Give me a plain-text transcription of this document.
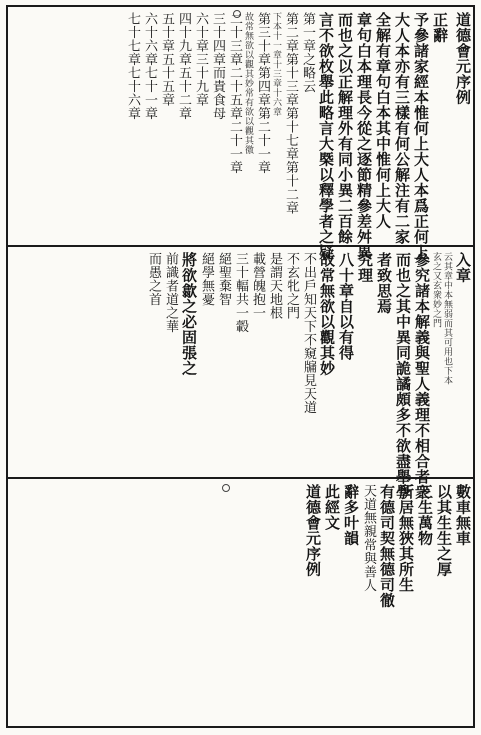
道德會元序例
正辭
予參諸家經本惟何上大人本爲正何上
大人本亦有三樣有何公解注有二家
全解有章句白本其中惟何上大人
章句白本理長今從之逐節精參差舛異
而也之以正解理外有同小異二百餘
言不欲枚舉此略言大槩以釋學者之疑
第一章之略云
第二章第十三章第十七章第十二章
下本十一章十三章十六章
第三十章第四章第二十一章
故常無欲以觀其妙常有欲以觀其徼
二十三章二十五章二十一章
三十四章而貴食母
六十章三十九章
四十九章五十二章
五十章五十五章
六十六章七十一章
七十七章七十六章
入章
云其章中本無弱而其可用也下本
玄之又玄衆妙之門
參究諸本解義與聖人義理不相合者衆
而也之其中異同詭譎頗多不欲盡舉學
者致思焉
究理
八十章自以有得
故常無欲以觀其妙
不出戶知天下不窺牖見天道
不玄牝之門
是謂天地根
載營魄抱一
三十輻共一轂
絕聖棄智
絕學無憂
將欲歙之必固張之
前識者道之華
而愚之首
數車無車
以其生生之厚
三生萬物
所居無狹其所生
有德司契無德司徹
天道無親常與善人
辭多叶韻
此經文
道德會元序例
